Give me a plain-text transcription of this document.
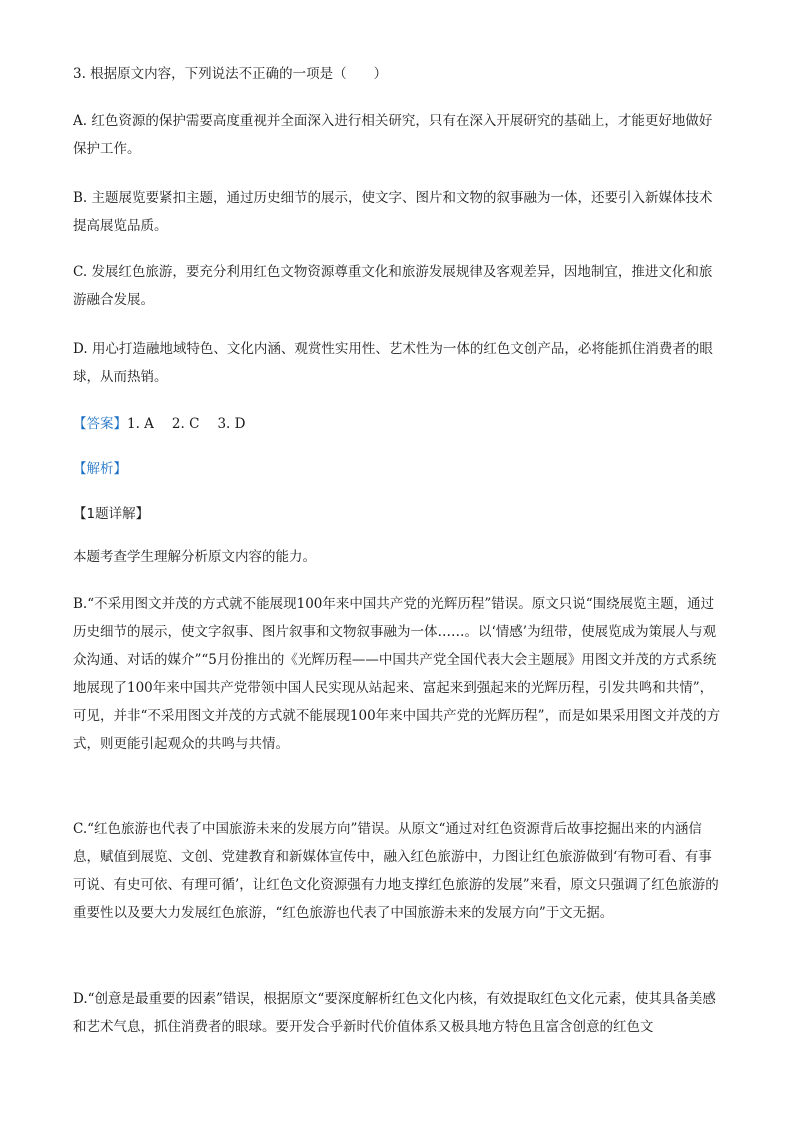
3. 根据原文内容，下列说法不正确的一项是（　　）

A. 红色资源的保护需要高度重视并全面深入进行相关研究，只有在深入开展研究的基础上，才能更好地做好保护工作。

B. 主题展览要紧扣主题，通过历史细节的展示，使文字、图片和文物的叙事融为一体，还要引入新媒体技术提高展览品质。

C. 发展红色旅游，要充分利用红色文物资源尊重文化和旅游发展规律及客观差异，因地制宜，推进文化和旅游融合发展。

D. 用心打造融地域特色、文化内涵、观赏性实用性、艺术性为一体的红色文创产品，必将能抓住消费者的眼球，从而热销。

【答案】1. A 2. C 3. D

【解析】

【1题详解】

本题考查学生理解分析原文内容的能力。

B.“不采用图文并茂的方式就不能展现100年来中国共产党的光辉历程”错误。原文只说“围绕展览主题，通过历史细节的展示，使文字叙事、图片叙事和文物叙事融为一体……。以‘情感’为纽带，使展览成为策展人与观众沟通、对话的媒介”“5月份推出的《光辉历程——中国共产党全国代表大会主题展》用图文并茂的方式系统地展现了100年来中国共产党带领中国人民实现从站起来、富起来到强起来的光辉历程，引发共鸣和共情”，可见，并非“不采用图文并茂的方式就不能展现100年来中国共产党的光辉历程”，而是如果采用图文并茂的方式，则更能引起观众的共鸣与共情。

C.“红色旅游也代表了中国旅游未来的发展方向”错误。从原文“通过对红色资源背后故事挖掘出来的内涵信息，赋值到展览、文创、党建教育和新媒体宣传中，融入红色旅游中，力图让红色旅游做到‘有物可看、有事可说、有史可依、有理可循’，让红色文化资源强有力地支撑红色旅游的发展”来看，原文只强调了红色旅游的重要性以及要大力发展红色旅游，“红色旅游也代表了中国旅游未来的发展方向”于文无据。

D.“创意是最重要的因素”错误，根据原文“要深度解析红色文化内核，有效提取红色文化元素，使其具备美感和艺术气息，抓住消费者的眼球。要开发合乎新时代价值体系又极具地方特色且富含创意的红色文
